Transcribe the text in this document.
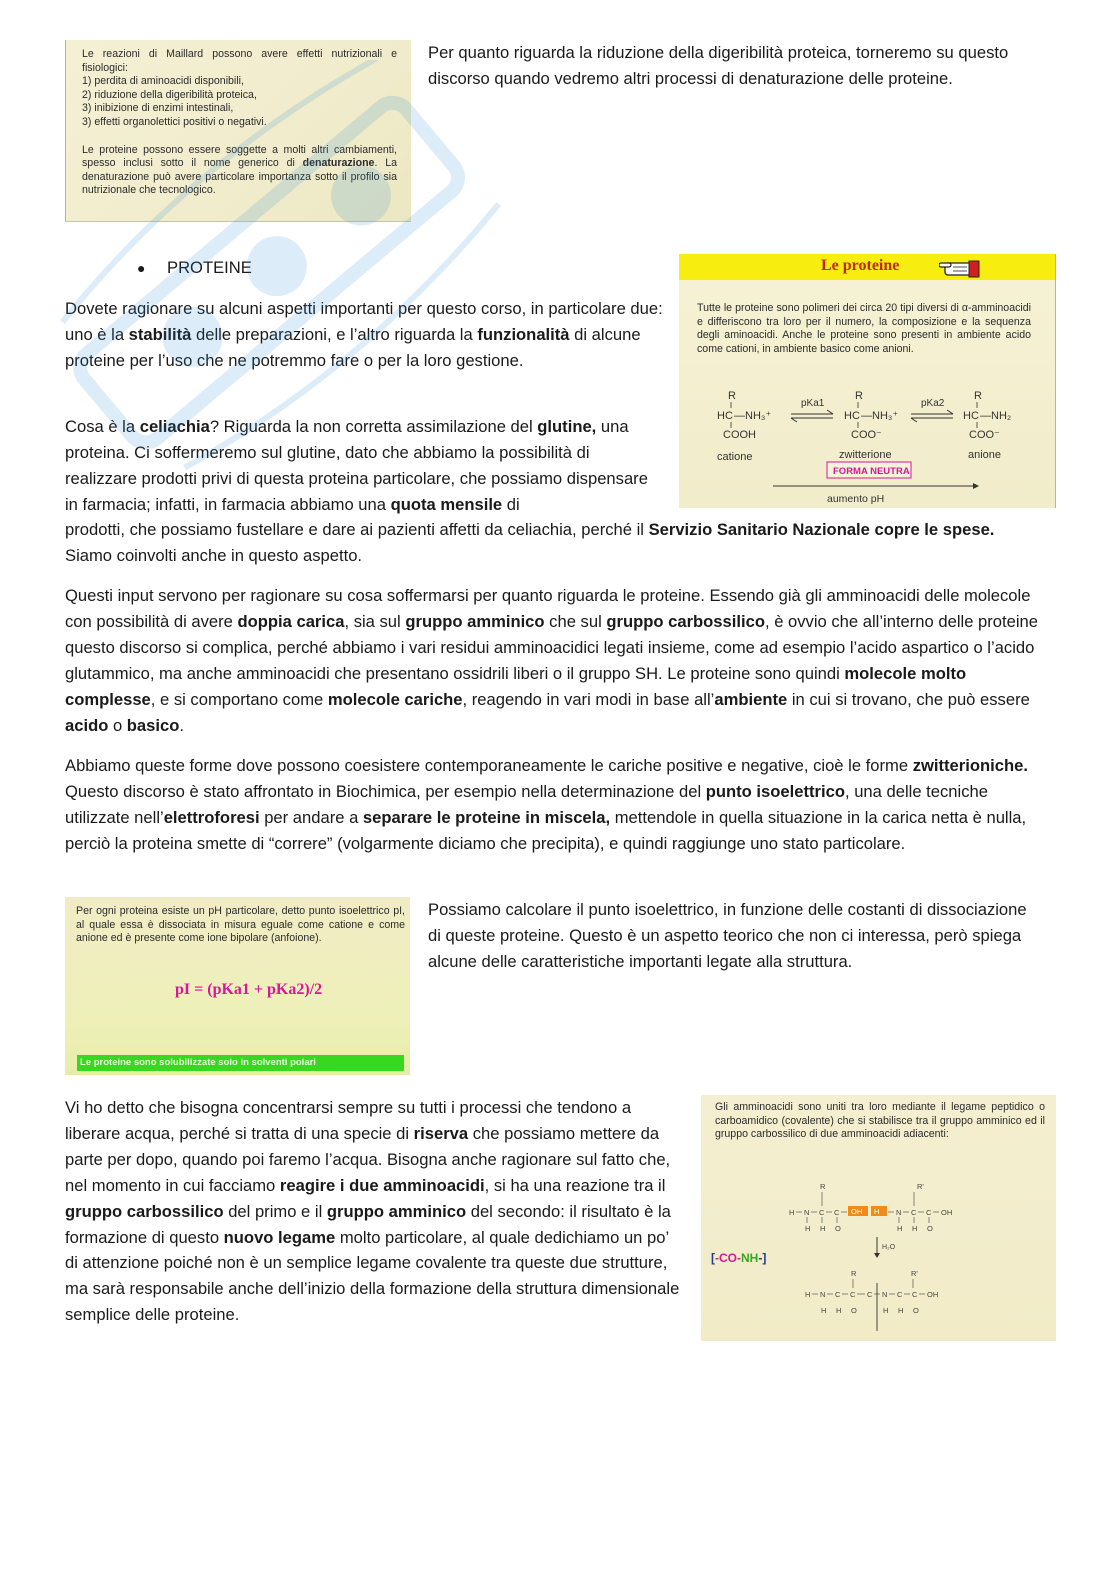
Le reazioni di Maillard possono avere effetti nutrizionali e fisiologici:

1) perdita di aminoacidi disponibili,
2) riduzione della digeribilità proteica,
3) inibizione di enzimi intestinali,
3) effetti organolettici positivi o negativi.

Le proteine possono essere soggette a molti altri cambiamenti, spesso inclusi sotto il nome generico di denaturazione. La denaturazione può avere particolare importanza sotto il profilo sia nutrizionale che tecnologico.

Per quanto riguarda la riduzione della digeribilità proteica, torneremo su questo discorso quando vedremo altri processi di denaturazione delle proteine.

● PROTEINE	Le proteine

Tutte le proteine sono polimeri dei circa 20 tipi diversi di α-amminoacidi e differiscono tra loro per il numero, la composizione e la sequenza degli aminoacidi. Anche le proteine sono presenti in ambiente acido come cationi, in ambiente basico come anioni.

R
HC —NH₃⁺
COOH
catione
pKa1
R
HC —NH₃⁺
COO⁻
zwitterione
FORMA NEUTRA
pKa2
R
HC —NH₂
COO⁻
anione
aumento pH

Dovete ragionare su alcuni aspetti importanti per questo corso, in particolare due: uno è la stabilità delle preparazioni, e l’altro riguarda la funzionalità di alcune proteine per l’uso che ne potremmo fare o per la loro gestione.

Cosa è la celiachia? Riguarda la non corretta assimilazione del glutine, una proteina. Ci soffermeremo sul glutine, dato che abbiamo la possibilità di realizzare prodotti privi di questa proteina particolare, che possiamo dispensare in farmacia; infatti, in farmacia abbiamo una quota mensile di

prodotti, che possiamo fustellare e dare ai pazienti affetti da celiachia, perché il Servizio Sanitario Nazionale copre le spese.
Siamo coinvolti anche in questo aspetto.

Questi input servono per ragionare su cosa soffermarsi per quanto riguarda le proteine. Essendo già gli amminoacidi delle molecole con possibilità di avere doppia carica, sia sul gruppo amminico che sul gruppo carbossilico, è ovvio che all’interno delle proteine questo discorso si complica, perché abbiamo i vari residui amminoacidici legati insieme, come ad esempio l’acido aspartico o l’acido glutammico, ma anche amminoacidi che presentano ossidrili liberi o il gruppo SH. Le proteine sono quindi molecole molto complesse, e si comportano come molecole cariche, reagendo in vari modi in base all’ambiente in cui si trovano, che può essere acido o basico.

Abbiamo queste forme dove possono coesistere contemporaneamente le cariche positive e negative, cioè le forme zwitterioniche. Questo discorso è stato affrontato in Biochimica, per esempio nella determinazione del punto isoelettrico, una delle tecniche utilizzate nell’elettroforesi per andare a separare le proteine in miscela, mettendole in quella situazione in la carica netta è nulla, perciò la proteina smette di “correre” (volgarmente diciamo che precipita), e quindi raggiunge uno stato particolare.

Per ogni proteina esiste un pH particolare, detto punto isoelettrico pI, al quale essa è dissociata in misura eguale come catione e come anione ed è presente come ione bipolare (anfoione).

pI = (pKa1 + pKa2)/2
Le proteine sono solubilizzate solo in solventi polari

Possiamo calcolare il punto isoelettrico, in funzione delle costanti di dissociazione di queste proteine. Questo è un aspetto teorico che non ci interessa, però spiega alcune delle caratteristiche importanti legate alla struttura.

Vi ho detto che bisogna concentrarsi sempre su tutti i processi che tendono a liberare acqua, perché si tratta di una specie di riserva che possiamo mettere da parte per dopo, quando poi faremo l’acqua. Bisogna anche ragionare sul fatto che, nel momento in cui facciamo reagire i due amminoacidi, si ha una reazione tra il gruppo carbossilico del primo e il gruppo amminico del secondo: il risultato è la formazione di questo nuovo legame molto particolare, al quale dedichiamo un po’ di attenzione poiché non è un semplice legame covalente tra queste due strutture, ma sarà responsabile anche dell’inizio della formazione della struttura dimensionale semplice delle proteine.

Gli amminoacidi sono uniti tra loro mediante il legame peptidico o carboamidico (covalente) che si stabilisce tra il gruppo amminico ed il gruppo carbossilico di due amminoacidi adiacenti:

[-CO-NH-]
H N C C OH H N C C OH
R	R'
H H O	H H O
H₂O
R	R'
H N C C C N C C OH
H H O	H H O
